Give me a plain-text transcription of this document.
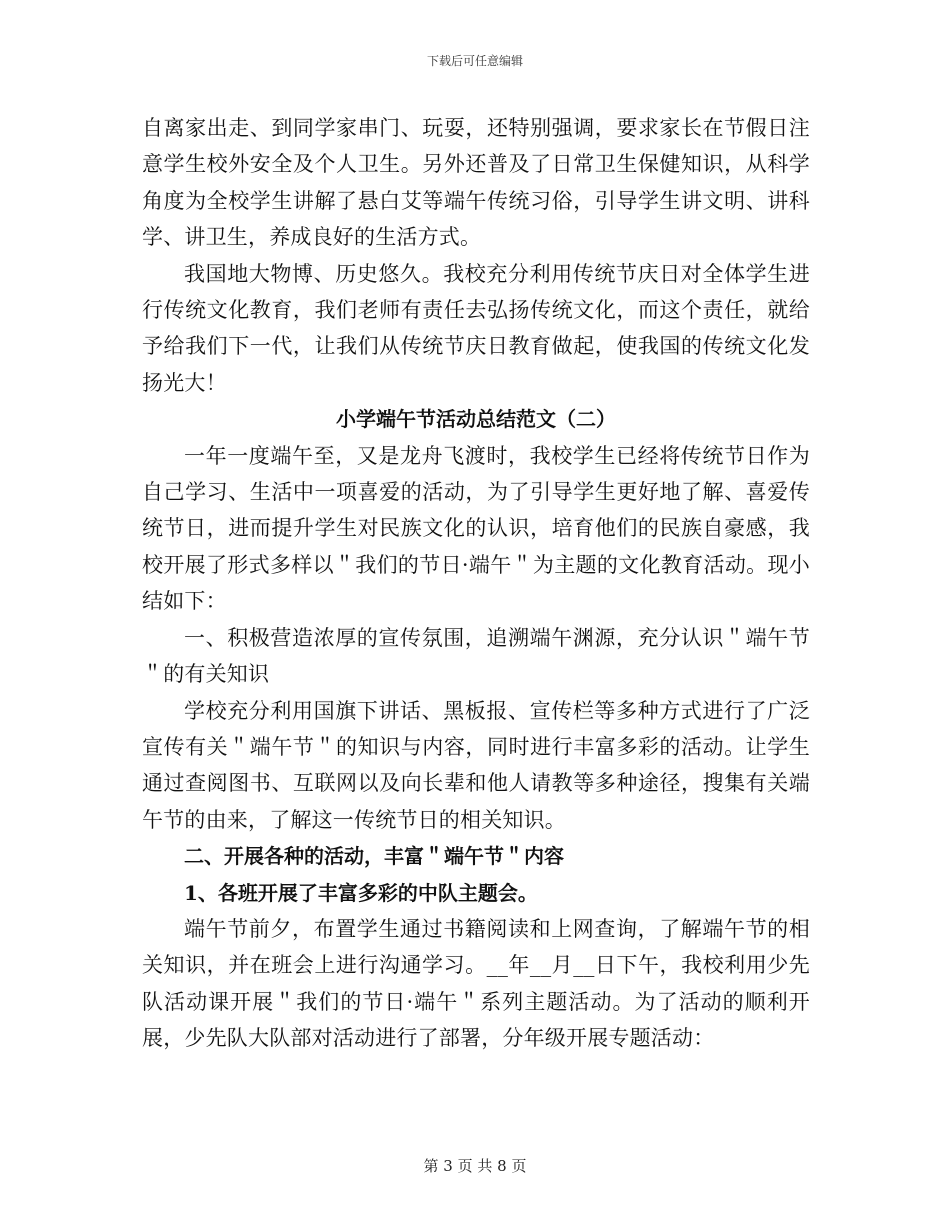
下载后可任意编辑

自离家出走、到同学家串门、玩耍，还特别强调，要求家长在节假日注意学生校外安全及个人卫生。另外还普及了日常卫生保健知识，从科学角度为全校学生讲解了悬白艾等端午传统习俗，引导学生讲文明、讲科学、讲卫生，养成良好的生活方式。

我国地大物博、历史悠久。我校充分利用传统节庆日对全体学生进行传统文化教育，我们老师有责任去弘扬传统文化，而这个责任，就给予给我们下一代，让我们从传统节庆日教育做起，使我国的传统文化发扬光大！

小学端午节活动总结范文（二）

一年一度端午至，又是龙舟飞渡时，我校学生已经将传统节日作为自己学习、生活中一项喜爱的活动，为了引导学生更好地了解、喜爱传统节日，进而提升学生对民族文化的认识，培育他们的民族自豪感，我校开展了形式多样以＂我们的节日·端午＂为主题的文化教育活动。现小结如下：

一、积极营造浓厚的宣传氛围，追溯端午渊源，充分认识＂端午节＂的有关知识

学校充分利用国旗下讲话、黑板报、宣传栏等多种方式进行了广泛宣传有关＂端午节＂的知识与内容，同时进行丰富多彩的活动。让学生通过查阅图书、互联网以及向长辈和他人请教等多种途径，搜集有关端午节的由来，了解这一传统节日的相关知识。

二、开展各种的活动，丰富＂端午节＂内容

1、各班开展了丰富多彩的中队主题会。

端午节前夕，布置学生通过书籍阅读和上网查询，了解端午节的相关知识，并在班会上进行沟通学习。__年__月__日下午，我校利用少先队活动课开展＂我们的节日·端午＂系列主题活动。为了活动的顺利开展，少先队大队部对活动进行了部署，分年级开展专题活动：

第 3 页 共 8 页
